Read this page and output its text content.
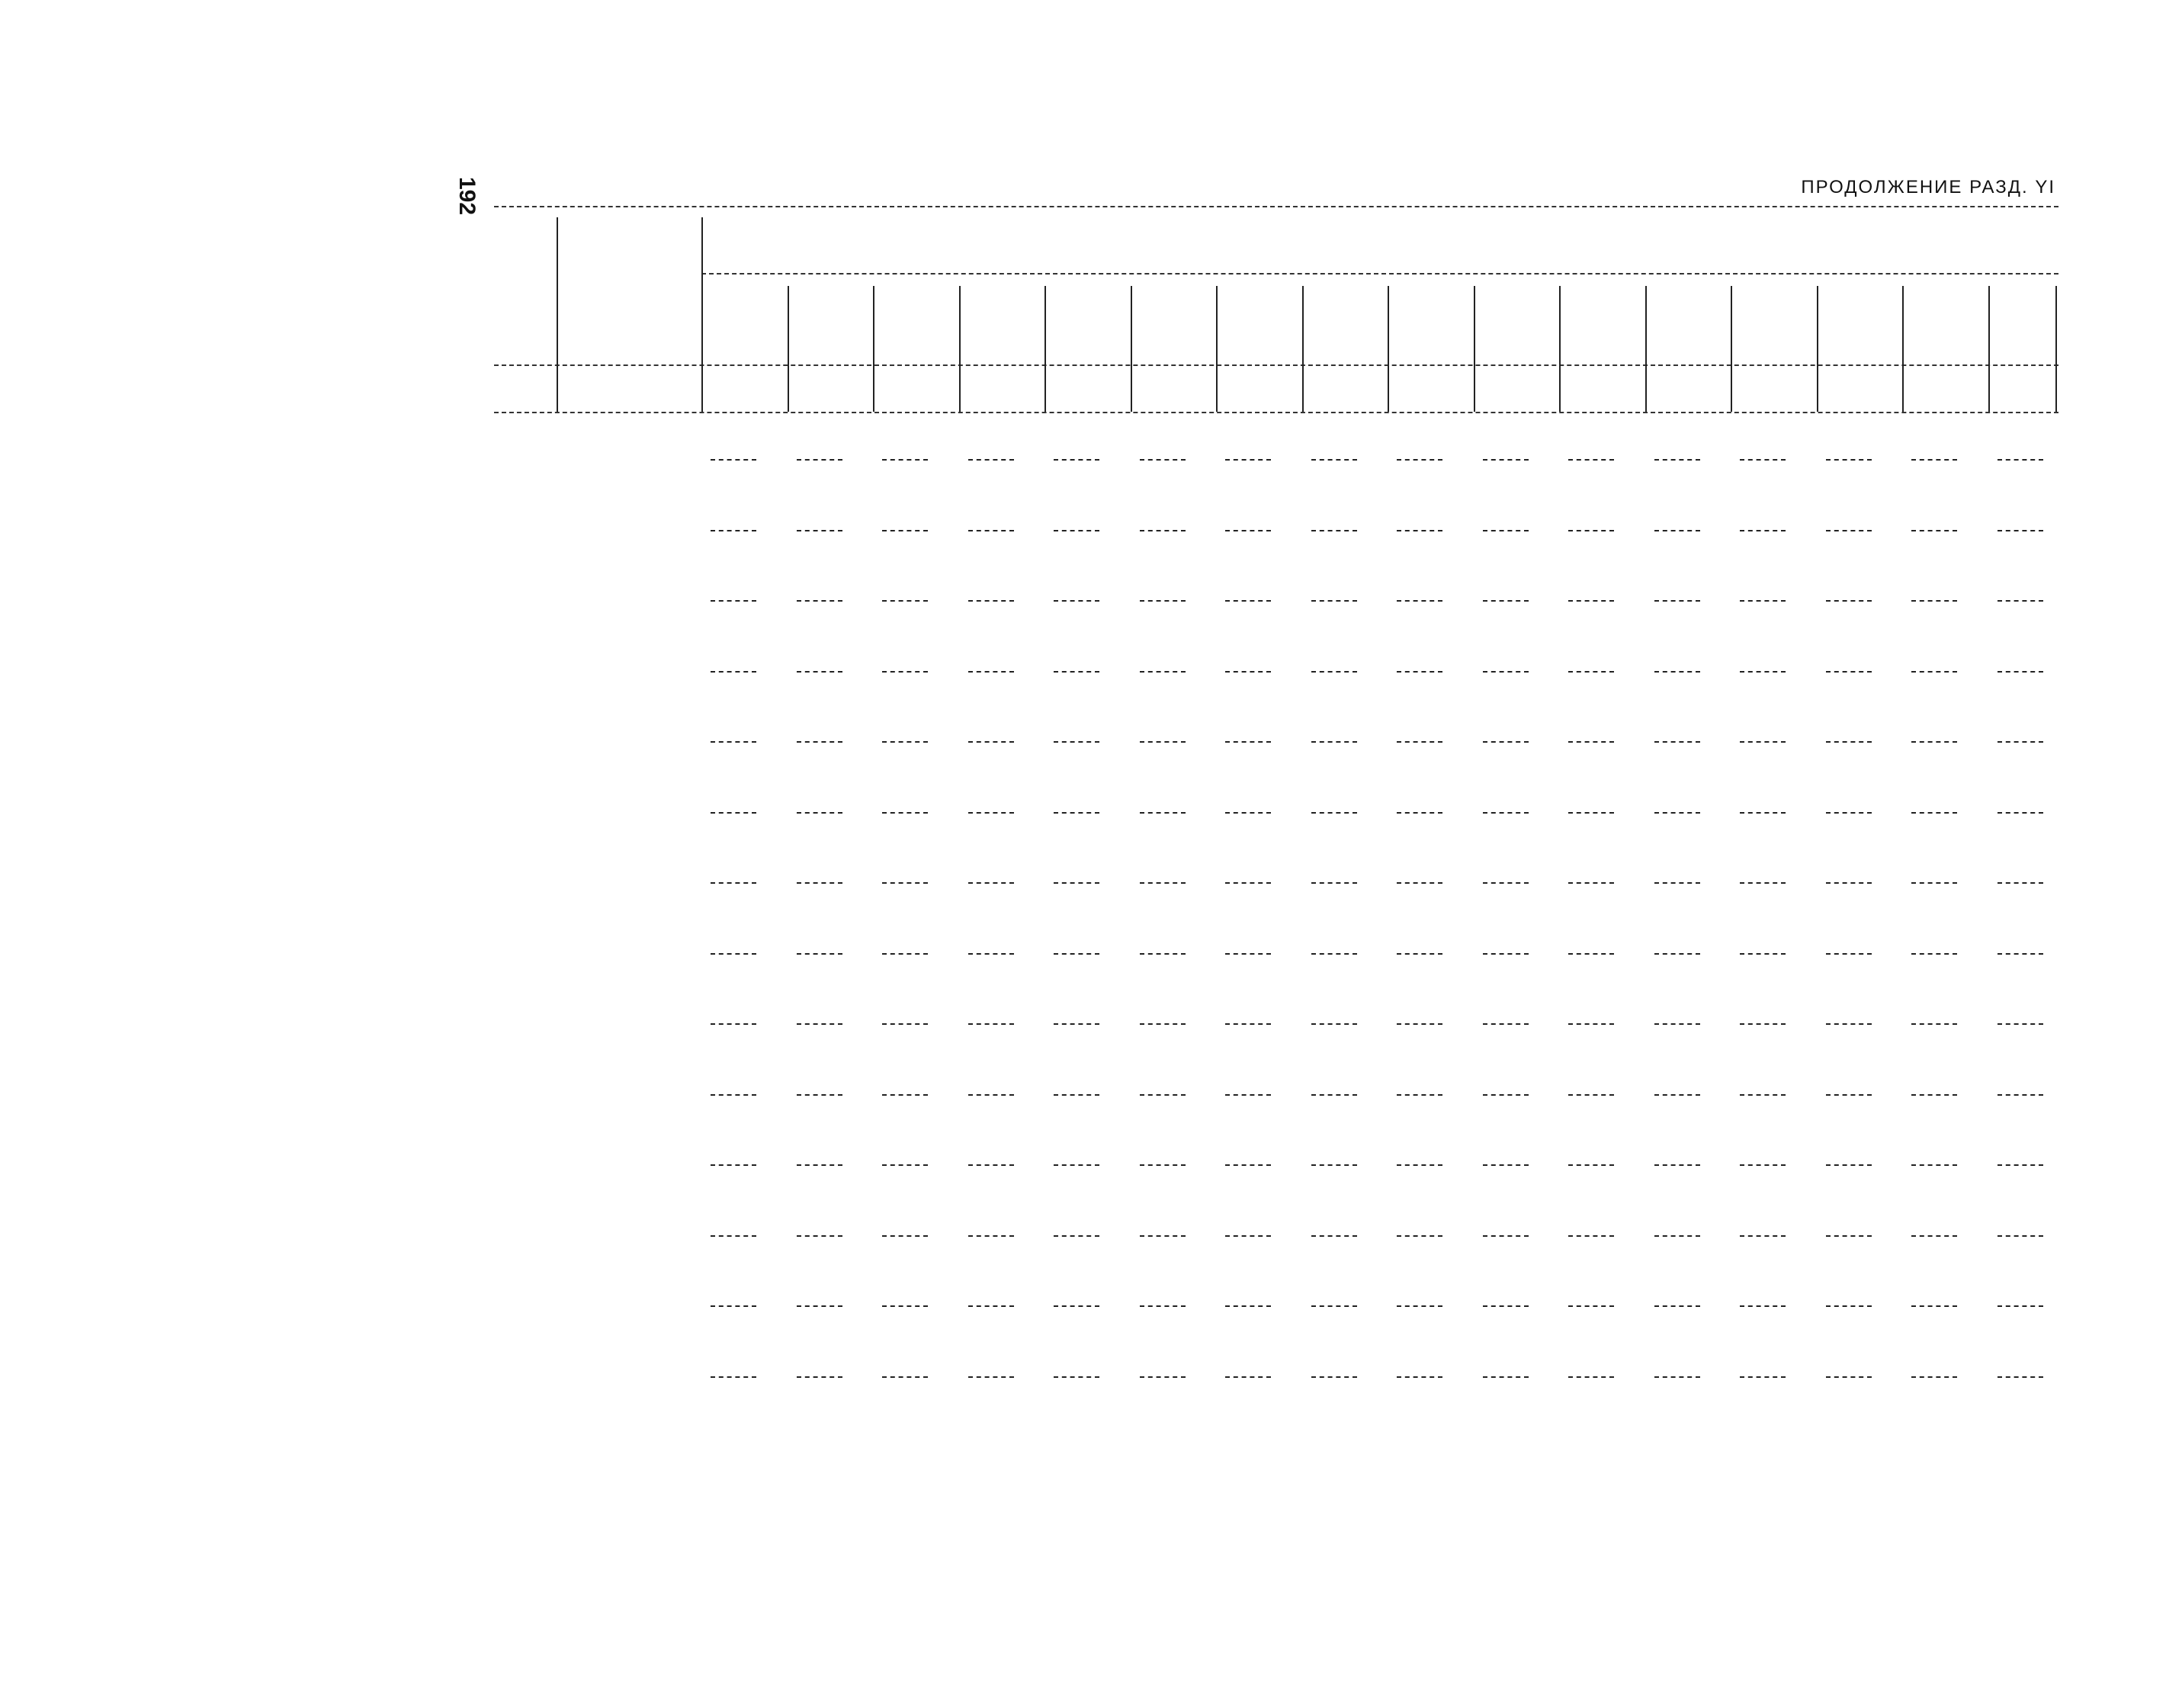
192	ПРОДОЛЖЕНИЕ РАЗД. YI
